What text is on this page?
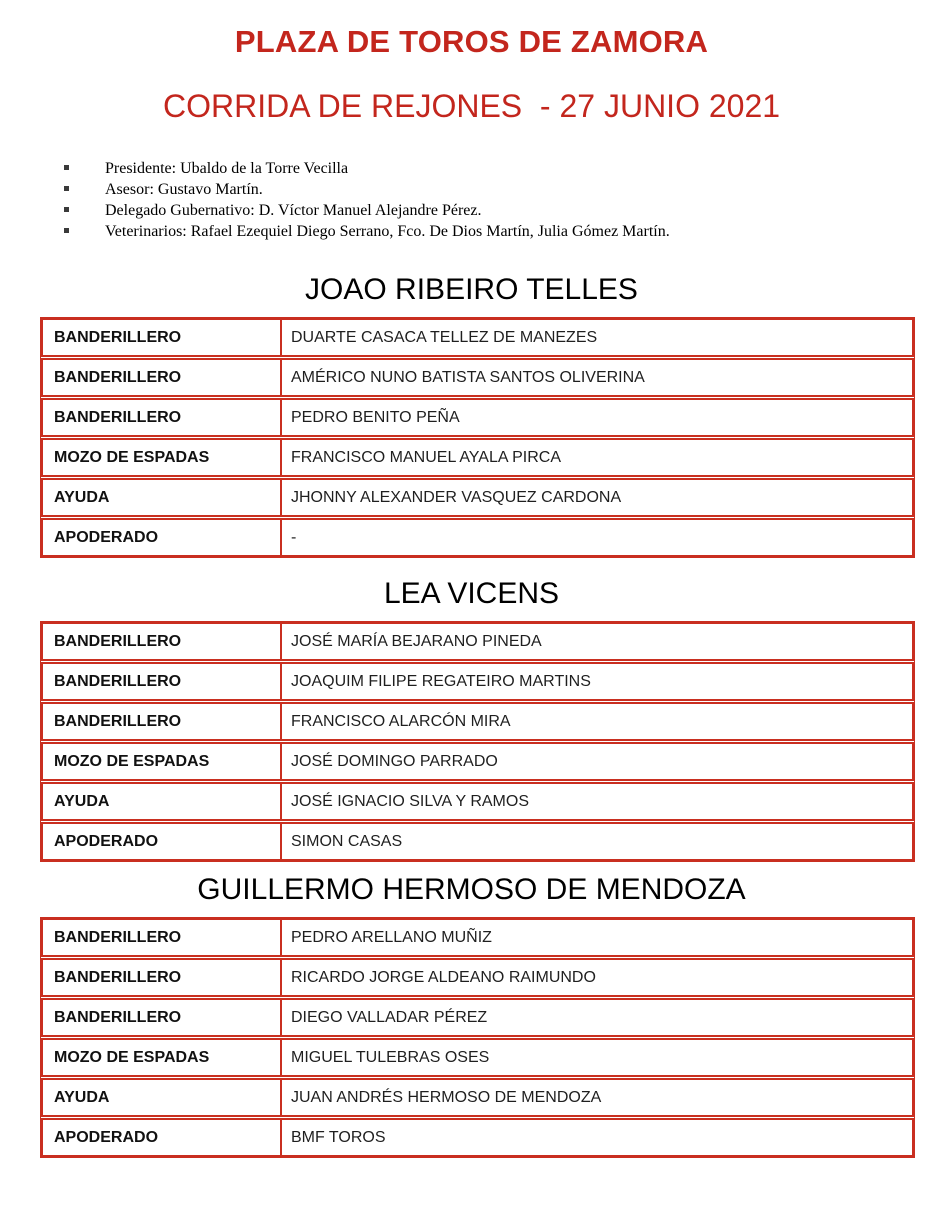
PLAZA DE TOROS DE ZAMORA
CORRIDA DE REJONES  - 27 JUNIO 2021
Presidente: Ubaldo de la Torre Vecilla
Asesor: Gustavo Martín.
Delegado Gubernativo: D. Víctor Manuel Alejandre Pérez.
Veterinarios: Rafael Ezequiel Diego Serrano, Fco. De Dios Martín, Julia Gómez Martín.
JOAO RIBEIRO TELLES
BANDERILLERO	DUARTE CASACA TELLEZ DE MANEZES
BANDERILLERO	AMÉRICO NUNO BATISTA SANTOS OLIVERINA
BANDERILLERO	PEDRO BENITO PEÑA
MOZO DE ESPADAS	FRANCISCO MANUEL AYALA PIRCA
AYUDA	JHONNY ALEXANDER VASQUEZ CARDONA
APODERADO	-
LEA VICENS
BANDERILLERO	JOSÉ MARÍA BEJARANO PINEDA
BANDERILLERO	JOAQUIM FILIPE REGATEIRO MARTINS
BANDERILLERO	FRANCISCO ALARCÓN MIRA
MOZO DE ESPADAS	JOSÉ DOMINGO PARRADO
AYUDA	JOSÉ IGNACIO SILVA Y RAMOS
APODERADO	SIMON CASAS
GUILLERMO HERMOSO DE MENDOZA
BANDERILLERO	PEDRO ARELLANO MUÑIZ
BANDERILLERO	RICARDO JORGE ALDEANO RAIMUNDO
BANDERILLERO	DIEGO VALLADAR PÉREZ
MOZO DE ESPADAS	MIGUEL TULEBRAS OSES
AYUDA	JUAN ANDRÉS HERMOSO DE MENDOZA
APODERADO	BMF TOROS
